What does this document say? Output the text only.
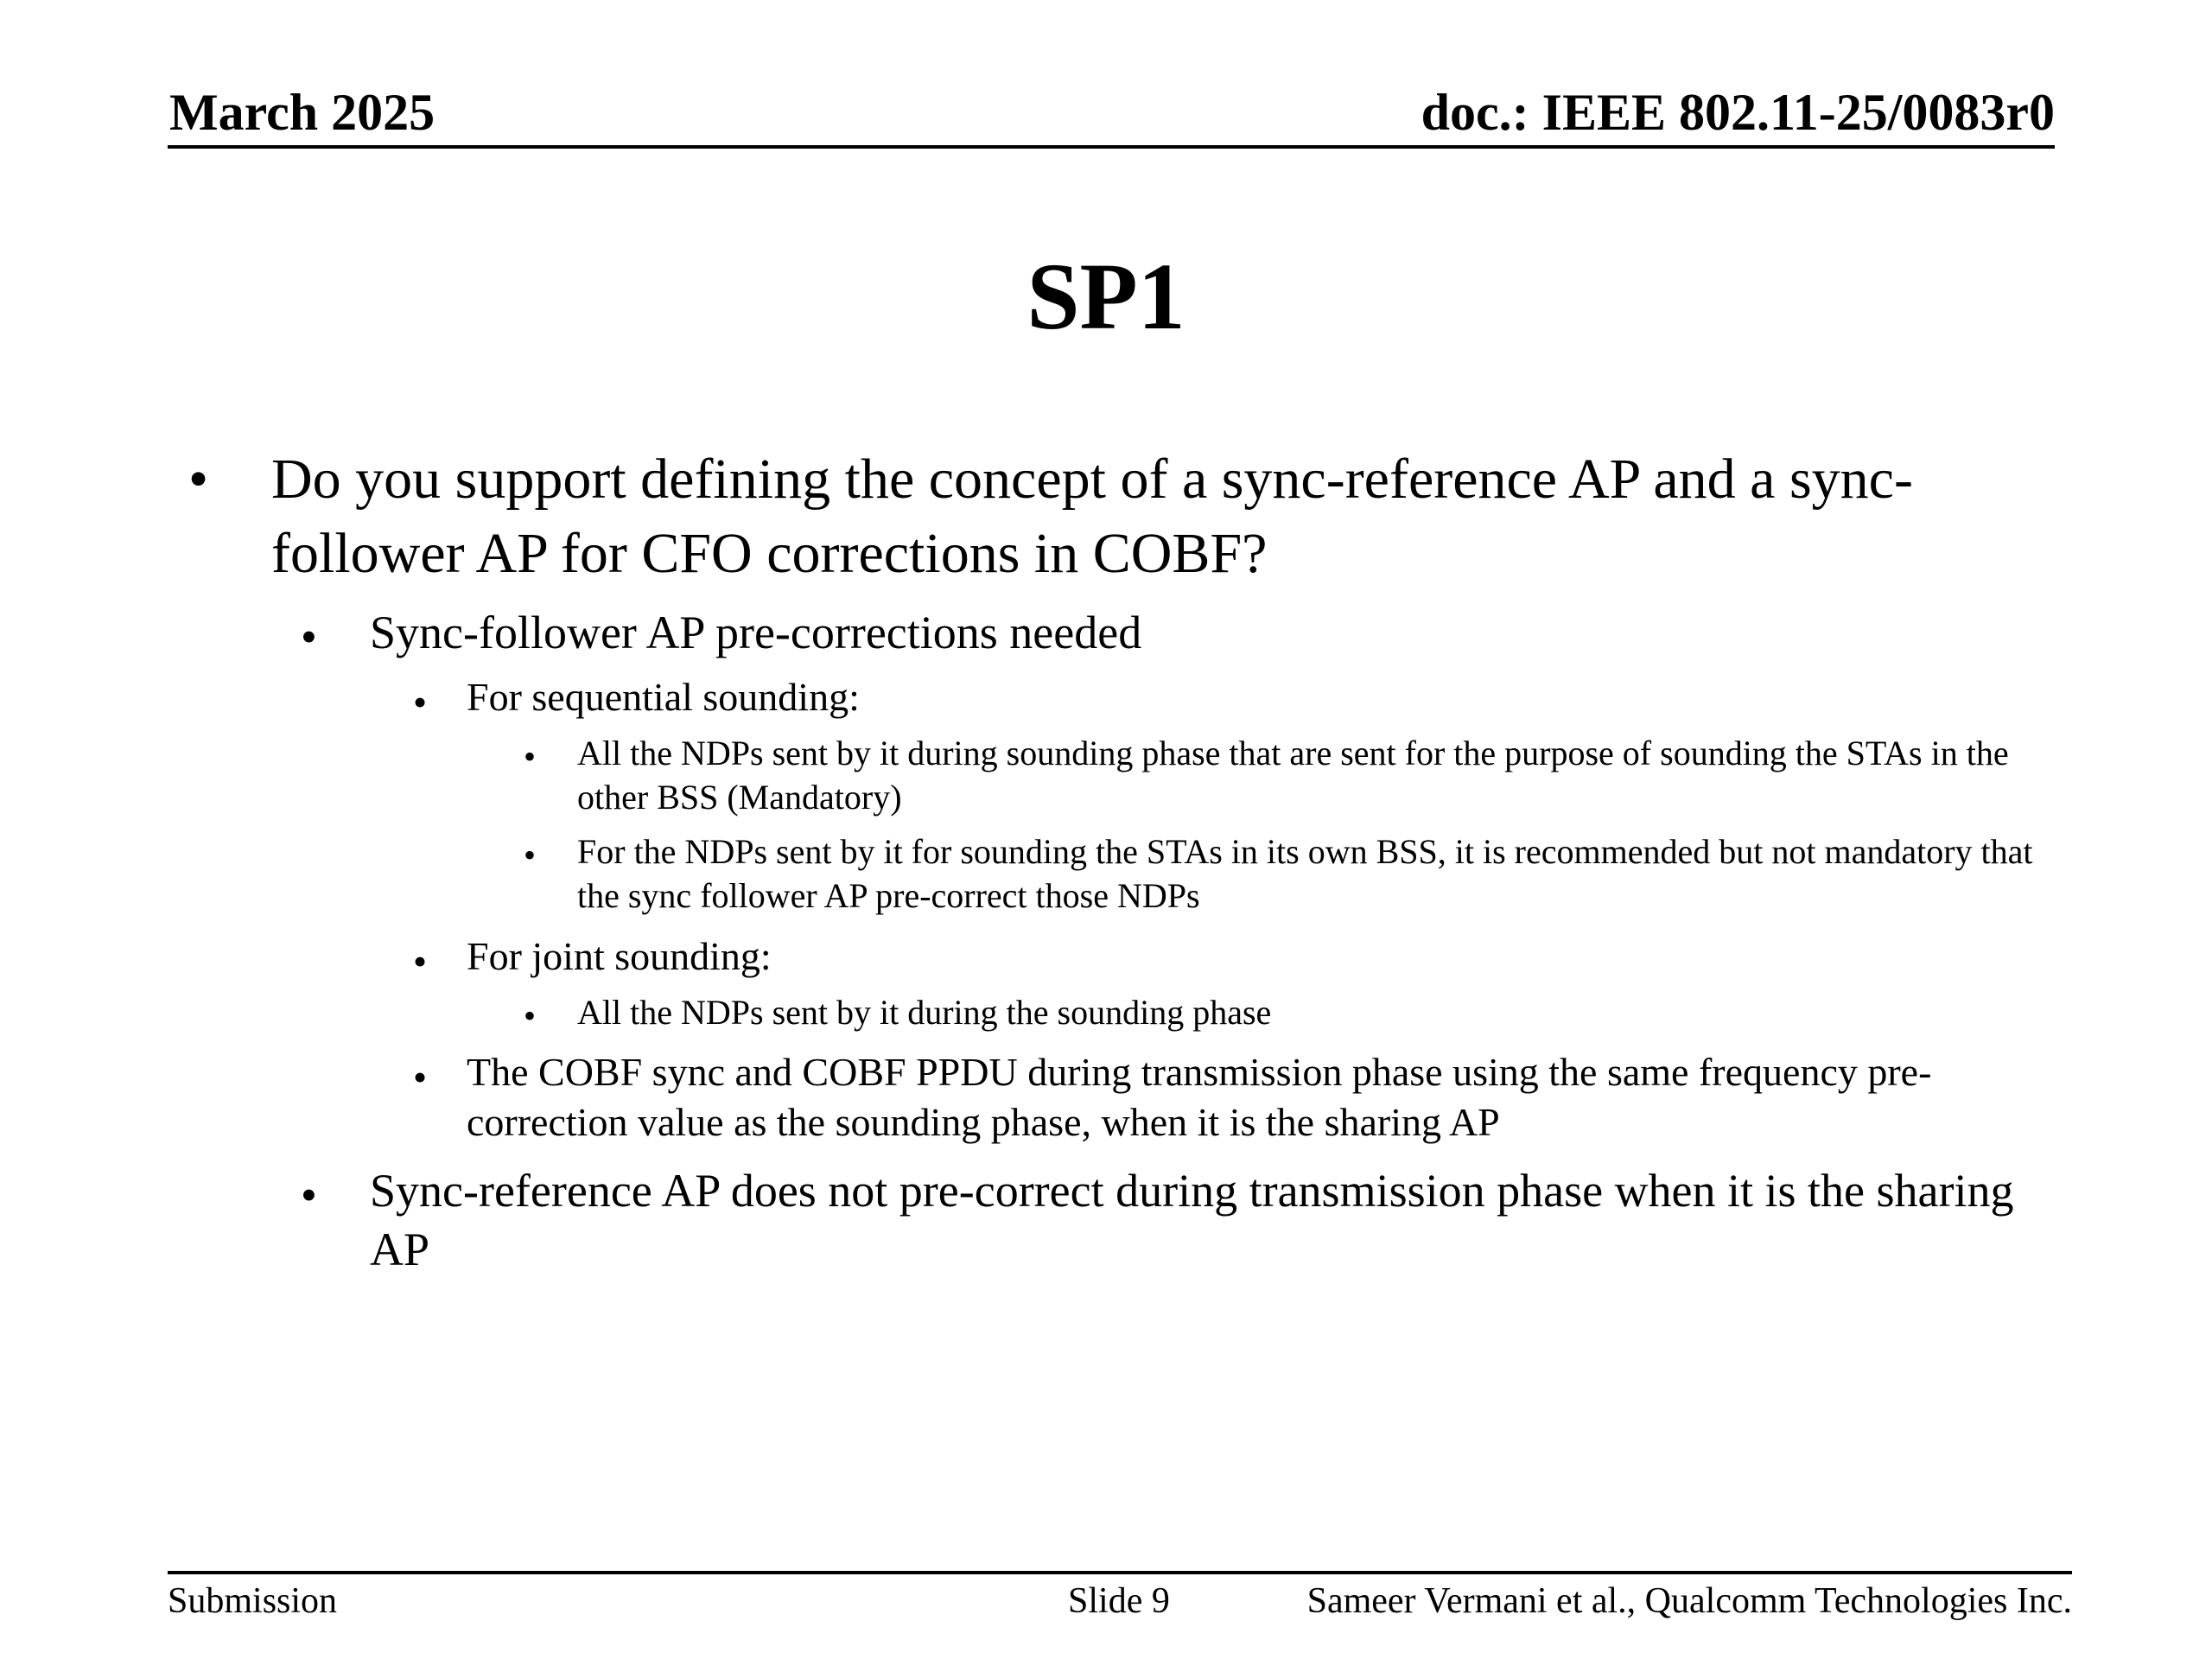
March 2025	doc.: IEEE 802.11-25/0083r0
SP1
• Do you support defining the concept of a sync-reference AP and a sync-follower AP for CFO corrections in COBF?
• Sync-follower AP pre-corrections needed
• For sequential sounding:
• All the NDPs sent by it during sounding phase that are sent for the purpose of sounding the STAs in the other BSS (Mandatory)
• For the NDPs sent by it for sounding the STAs in its own BSS, it is recommended but not mandatory that the sync follower AP pre-correct those NDPs
• For joint sounding:
• All the NDPs sent by it during the sounding phase
• The COBF sync and COBF PPDU during transmission phase using the same frequency pre-correction value as the sounding phase, when it is the sharing AP
• Sync-reference AP does not pre-correct during transmission phase when it is the sharing AP
Submission	Slide 9	Sameer Vermani et al., Qualcomm Technologies Inc.
